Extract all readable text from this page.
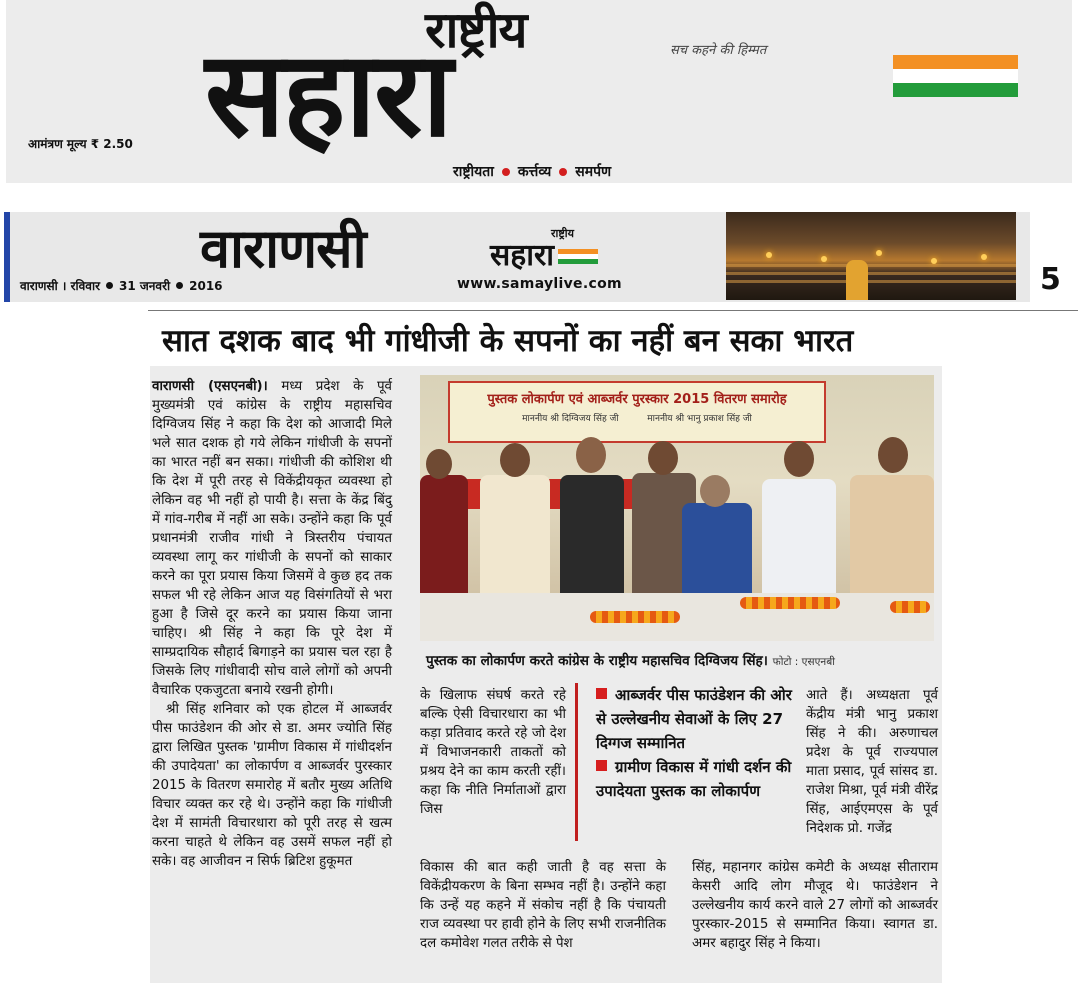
राष्ट्रीय
सहारा	सच कहने की हिम्मत
आमंत्रण मूल्य ₹ 2.50
राष्ट्रीयता कर्त्तव्य समर्पण
वाराणसी
वाराणसी । रविवार 31 जनवरी 2016
राष्ट्रीय
सहारा
www.samaylive.com	5
सात दशक बाद भी गांधीजी के सपनों का नहीं बन सका भारत

वाराणसी (एसएनबी)। मध्य प्रदेश के पूर्व मुख्यमंत्री एवं कांग्रेस के राष्ट्रीय महासचिव दिग्विजय सिंह ने कहा कि देश को आजादी मिले भले सात दशक हो गये लेकिन गांधीजी के सपनों का भारत नहीं बन सका। गांधीजी की कोशिश थी कि देश में पूरी तरह से विकेंद्रीयकृत व्यवस्था हो लेकिन वह भी नहीं हो पायी है। सत्ता के केंद्र बिंदु में गांव-गरीब में नहीं आ सके। उन्होंने कहा कि पूर्व प्रधानमंत्री राजीव गांधी ने त्रिस्तरीय पंचायत व्यवस्था लागू कर गांधीजी के सपनों को साकार करने का पूरा प्रयास किया जिसमें वे कुछ हद तक सफल भी रहे लेकिन आज यह विसंगतियों से भरा हुआ है जिसे दूर करने का प्रयास किया जाना चाहिए। श्री सिंह ने कहा कि पूरे देश में साम्प्रदायिक सौहार्द बिगाड़ने का प्रयास चल रहा है जिसके लिए गांधीवादी सोच वाले लोगों को अपनी वैचारिक एकजुटता बनाये रखनी होगी।

श्री सिंह शनिवार को एक होटल में आब्जर्वर पीस फाउंडेशन की ओर से डा. अमर ज्योति सिंह द्वारा लिखित पुस्तक 'ग्रामीण विकास में गांधीदर्शन की उपादेयता' का लोकार्पण व आब्जर्वर पुरस्कार 2015 के वितरण समारोह में बतौर मुख्य अतिथि विचार व्यक्त कर रहे थे। उन्होंने कहा कि गांधीजी देश में सामंती विचारधारा को पूरी तरह से खत्म करना चाहते थे लेकिन वह उसमें सफल नहीं हो सके। वह आजीवन न सिर्फ ब्रिटिश हुकूमत

पुस्तक लोकार्पण एवं आब्जर्वर पुरस्कार 2015 वितरण समारोह
माननीय श्री दिग्विजय सिंह जी	माननीय श्री भानु प्रकाश सिंह जी
पुस्तक का लोकार्पण करते कांग्रेस के राष्ट्रीय महासचिव दिग्विजय सिंह। फोटो : एसएनबी
के खिलाफ संघर्ष करते रहे बल्कि ऐसी विचारधारा का भी कड़ा प्रतिवाद करते रहे जो देश में विभाजनकारी ताकतों को प्रश्रय देने का काम करती रहीं। कहा कि नीति निर्माताओं द्वारा जिस
आब्जर्वर पीस फाउंडेशन की ओर से उल्लेखनीय सेवाओं के लिए 27 दिग्गज सम्मानित
ग्रामीण विकास में गांधी दर्शन की उपादेयता पुस्तक का लोकार्पण
आते हैं। अध्यक्षता पूर्व केंद्रीय मंत्री भानु प्रकाश सिंह ने की। अरुणाचल प्रदेश के पूर्व राज्यपाल माता प्रसाद, पूर्व सांसद डा. राजेश मिश्रा, पूर्व मंत्री वीरेंद्र सिंह, आईएमएस के पूर्व निदेशक प्रो. गजेंद्र
विकास की बात कही जाती है वह सत्ता के विकेंद्रीयकरण के बिना सम्भव नहीं है। उन्होंने कहा कि उन्हें यह कहने में संकोच नहीं है कि पंचायती राज व्यवस्था पर हावी होने के लिए सभी राजनीतिक दल कमोवेश गलत तरीके से पेश
सिंह, महानगर कांग्रेस कमेटी के अध्यक्ष सीताराम केसरी आदि लोग मौजूद थे। फाउंडेशन ने उल्लेखनीय कार्य करने वाले 27 लोगों को आब्जर्वर पुरस्कार-2015 से सम्मानित किया। स्वागत डा. अमर बहादुर सिंह ने किया।
